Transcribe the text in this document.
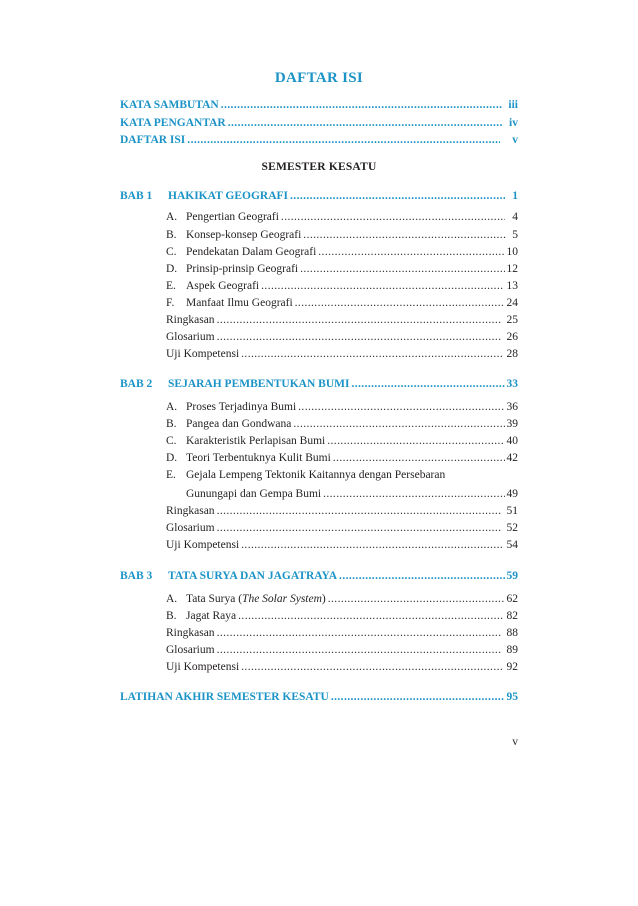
DAFTAR ISI
KATA SAMBUTAN .....	iii
KATA PENGANTAR .....	iv
DAFTAR ISI .....	v
SEMESTER KESATU
BAB 1 HAKIKAT GEOGRAFI .....	1
A. Pengertian Geografi .....	4
B. Konsep-konsep Geografi .....	5
C. Pendekatan Dalam Geografi .....	10
D. Prinsip-prinsip Geografi .....	12
E. Aspek Geografi .....	13
F. Manfaat Ilmu Geografi .....	24
Ringkasan .....	25
Glosarium .....	26
Uji Kompetensi .....	28
BAB 2 SEJARAH PEMBENTUKAN BUMI .....	33
A. Proses Terjadinya Bumi .....	36
B. Pangea dan Gondwana .....	39
C. Karakteristik Perlapisan Bumi .....	40
D. Teori Terbentuknya Kulit Bumi .....	42
E. Gejala Lempeng Tektonik Kaitannya dengan Persebaran
Gunungapi dan Gempa Bumi .....	49
Ringkasan .....	51
Glosarium .....	52
Uji Kompetensi .....	54
BAB 3 TATA SURYA DAN JAGATRAYA .....	59
A. Tata Surya (The Solar System) .....	62
B. Jagat Raya .....	82
Ringkasan .....	88
Glosarium .....	89
Uji Kompetensi .....	92
LATIHAN AKHIR SEMESTER KESATU .....	95
v
